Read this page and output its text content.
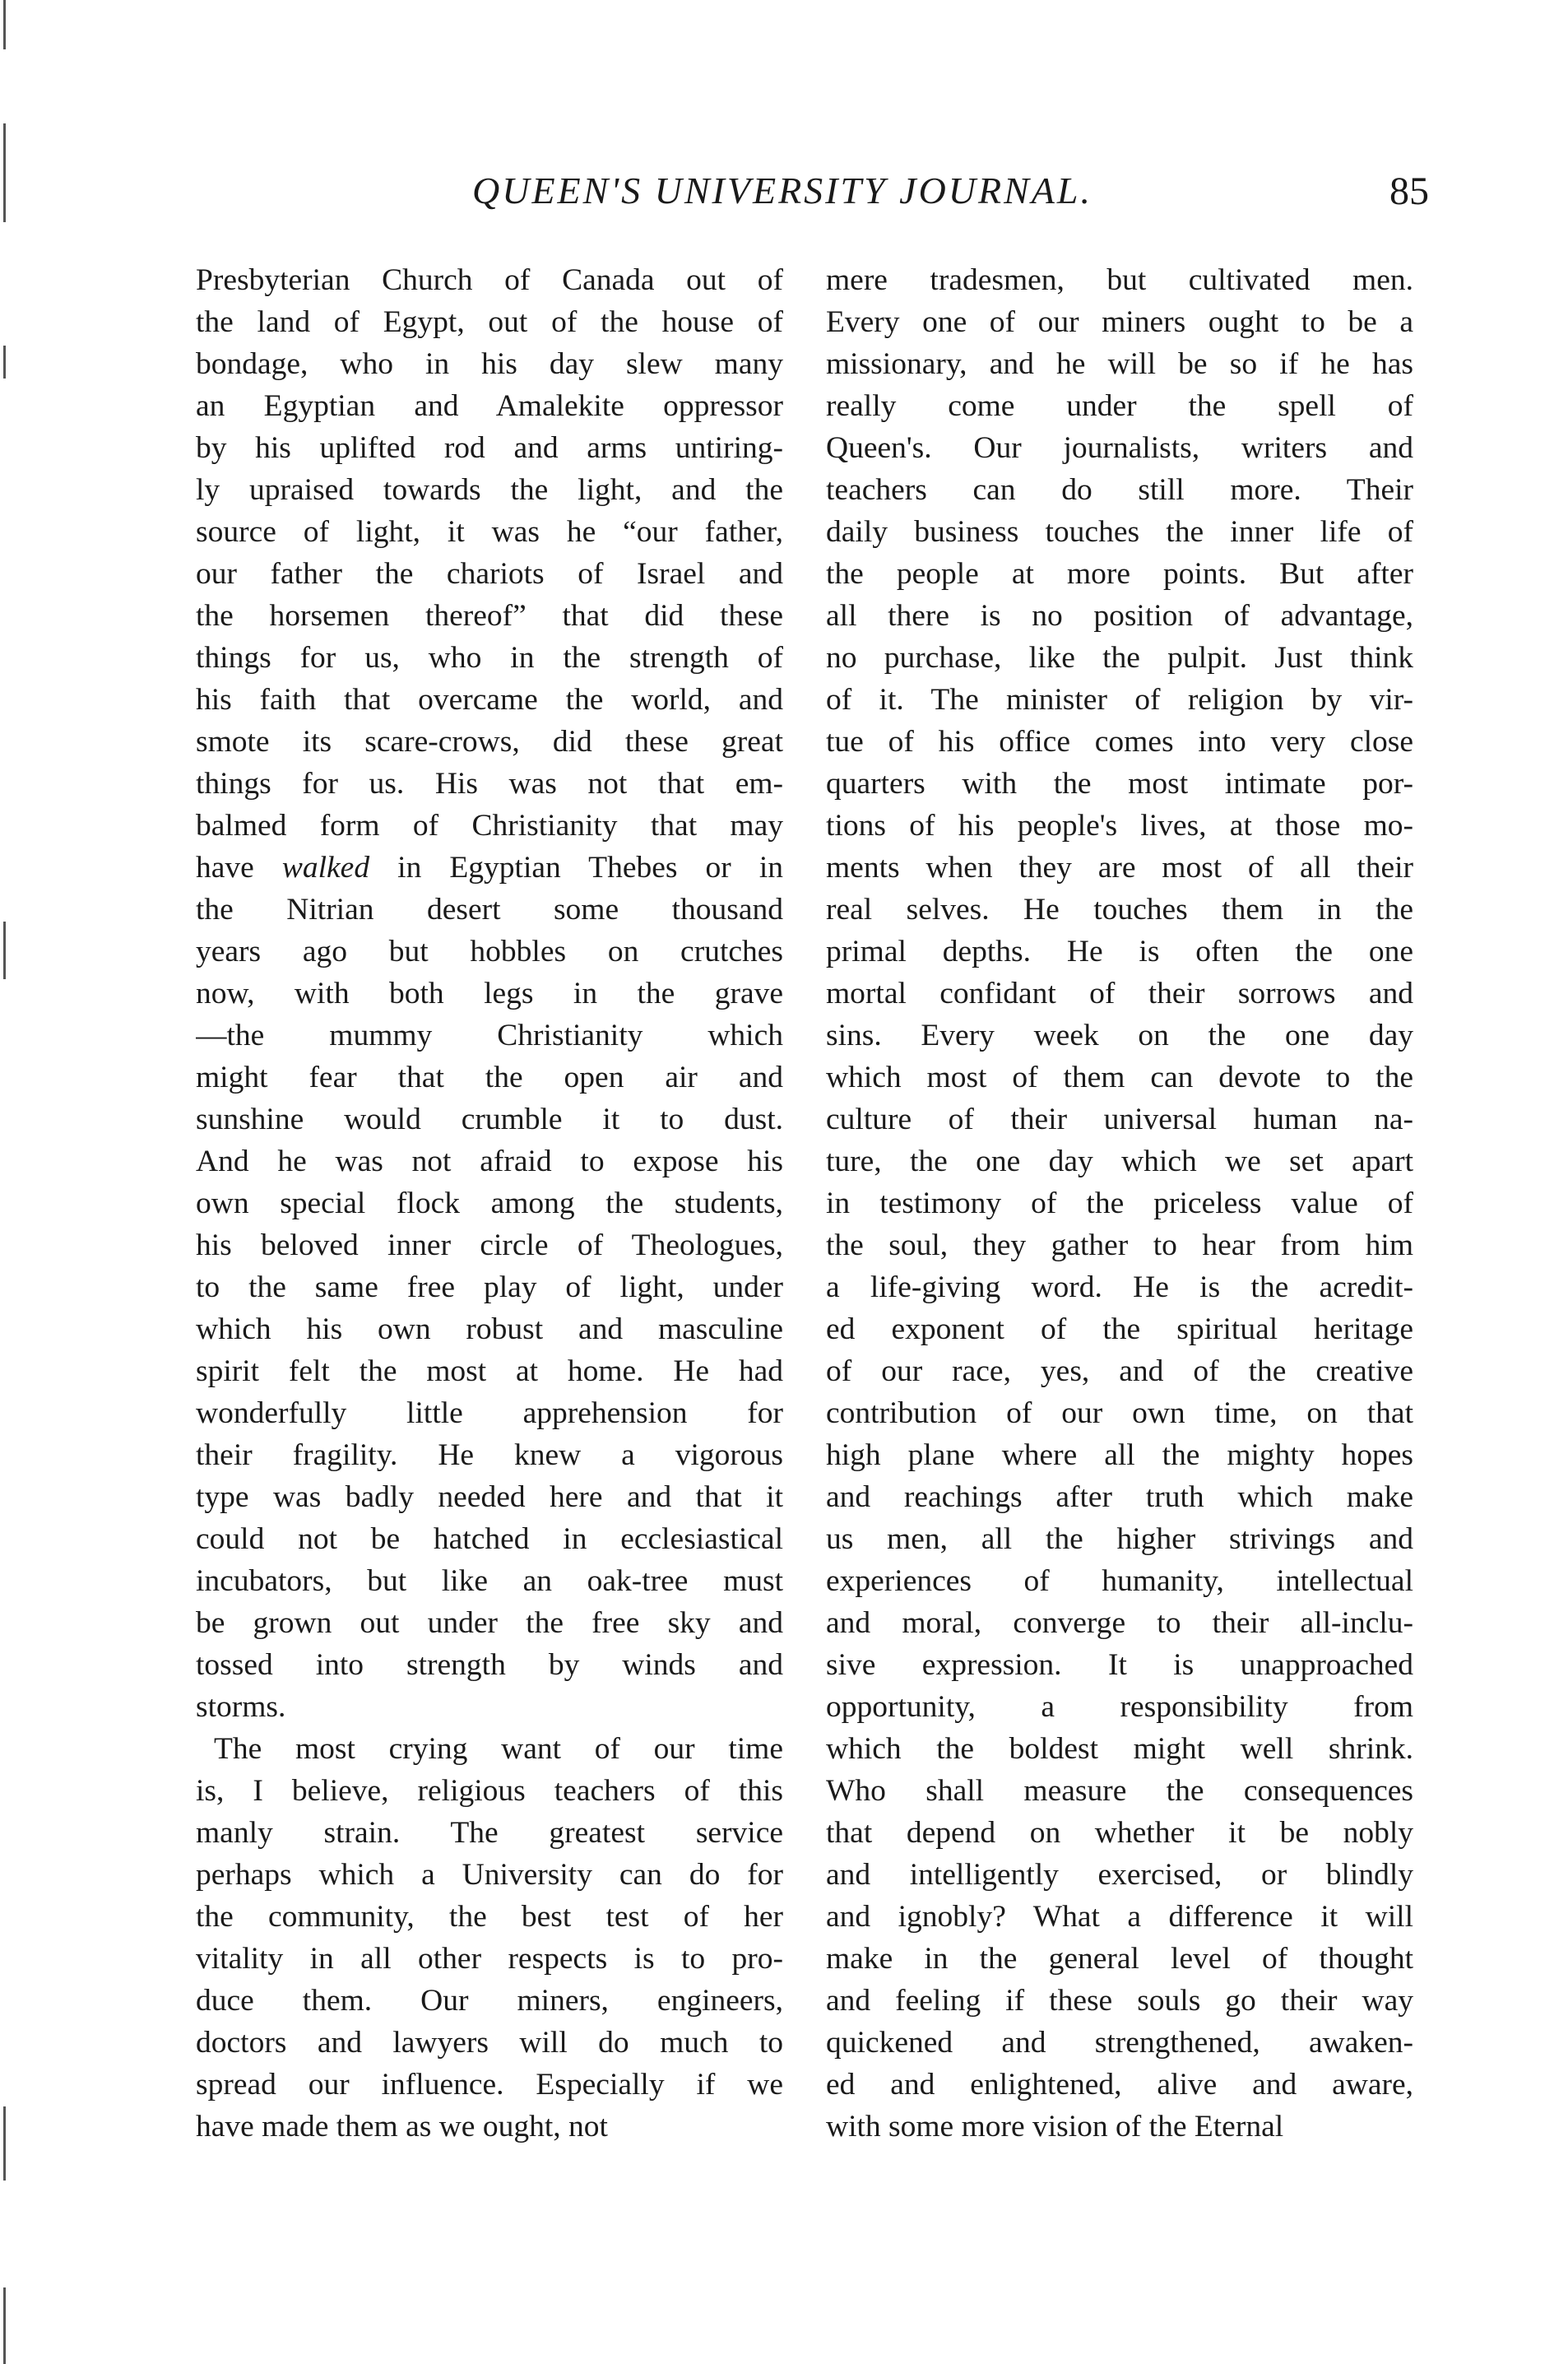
QUEEN'S UNIVERSITY JOURNAL.	85
Presbyterian Church of Canada out of
the land of Egypt, out of the house of
bondage, who in his day slew many
an Egyptian and Amalekite oppressor
by his uplifted rod and arms untiring-
ly upraised towards the light, and the
source of light, it was he “our father,
our father the chariots of Israel and
the horsemen thereof” that did these
things for us, who in the strength of
his faith that overcame the world, and
smote its scare-crows, did these great
things for us. His was not that em-
balmed form of Christianity that may
have walked in Egyptian Thebes or in
the Nitrian desert some thousand
years ago but hobbles on crutches
now, with both legs in the grave
—the mummy Christianity which
might fear that the open air and
sunshine would crumble it to dust.
And he was not afraid to expose his
own special flock among the students,
his beloved inner circle of Theologues,
to the same free play of light, under
which his own robust and masculine
spirit felt the most at home. He had
wonderfully little apprehension for
their fragility. He knew a vigorous
type was badly needed here and that it
could not be hatched in ecclesiastical
incubators, but like an oak-tree must
be grown out under the free sky and
tossed into strength by winds and
storms.
The most crying want of our time
is, I believe, religious teachers of this
manly strain. The greatest service
perhaps which a University can do for
the community, the best test of her
vitality in all other respects is to pro-
duce them. Our miners, engineers,
doctors and lawyers will do much to
spread our influence. Especially if we
have made them as we ought, not
mere tradesmen, but cultivated men.
Every one of our miners ought to be a
missionary, and he will be so if he has
really come under the spell of
Queen's. Our journalists, writers and
teachers can do still more. Their
daily business touches the inner life of
the people at more points. But after
all there is no position of advantage,
no purchase, like the pulpit. Just think
of it. The minister of religion by vir-
tue of his office comes into very close
quarters with the most intimate por-
tions of his people's lives, at those mo-
ments when they are most of all their
real selves. He touches them in the
primal depths. He is often the one
mortal confidant of their sorrows and
sins. Every week on the one day
which most of them can devote to the
culture of their universal human na-
ture, the one day which we set apart
in testimony of the priceless value of
the soul, they gather to hear from him
a life-giving word. He is the acredit-
ed exponent of the spiritual heritage
of our race, yes, and of the creative
contribution of our own time, on that
high plane where all the mighty hopes
and reachings after truth which make
us men, all the higher strivings and
experiences of humanity, intellectual
and moral, converge to their all-inclu-
sive expression. It is unapproached
opportunity, a responsibility from
which the boldest might well shrink.
Who shall measure the consequences
that depend on whether it be nobly
and intelligently exercised, or blindly
and ignobly? What a difference it will
make in the general level of thought
and feeling if these souls go their way
quickened and strengthened, awaken-
ed and enlightened, alive and aware,
with some more vision of the Eternal
